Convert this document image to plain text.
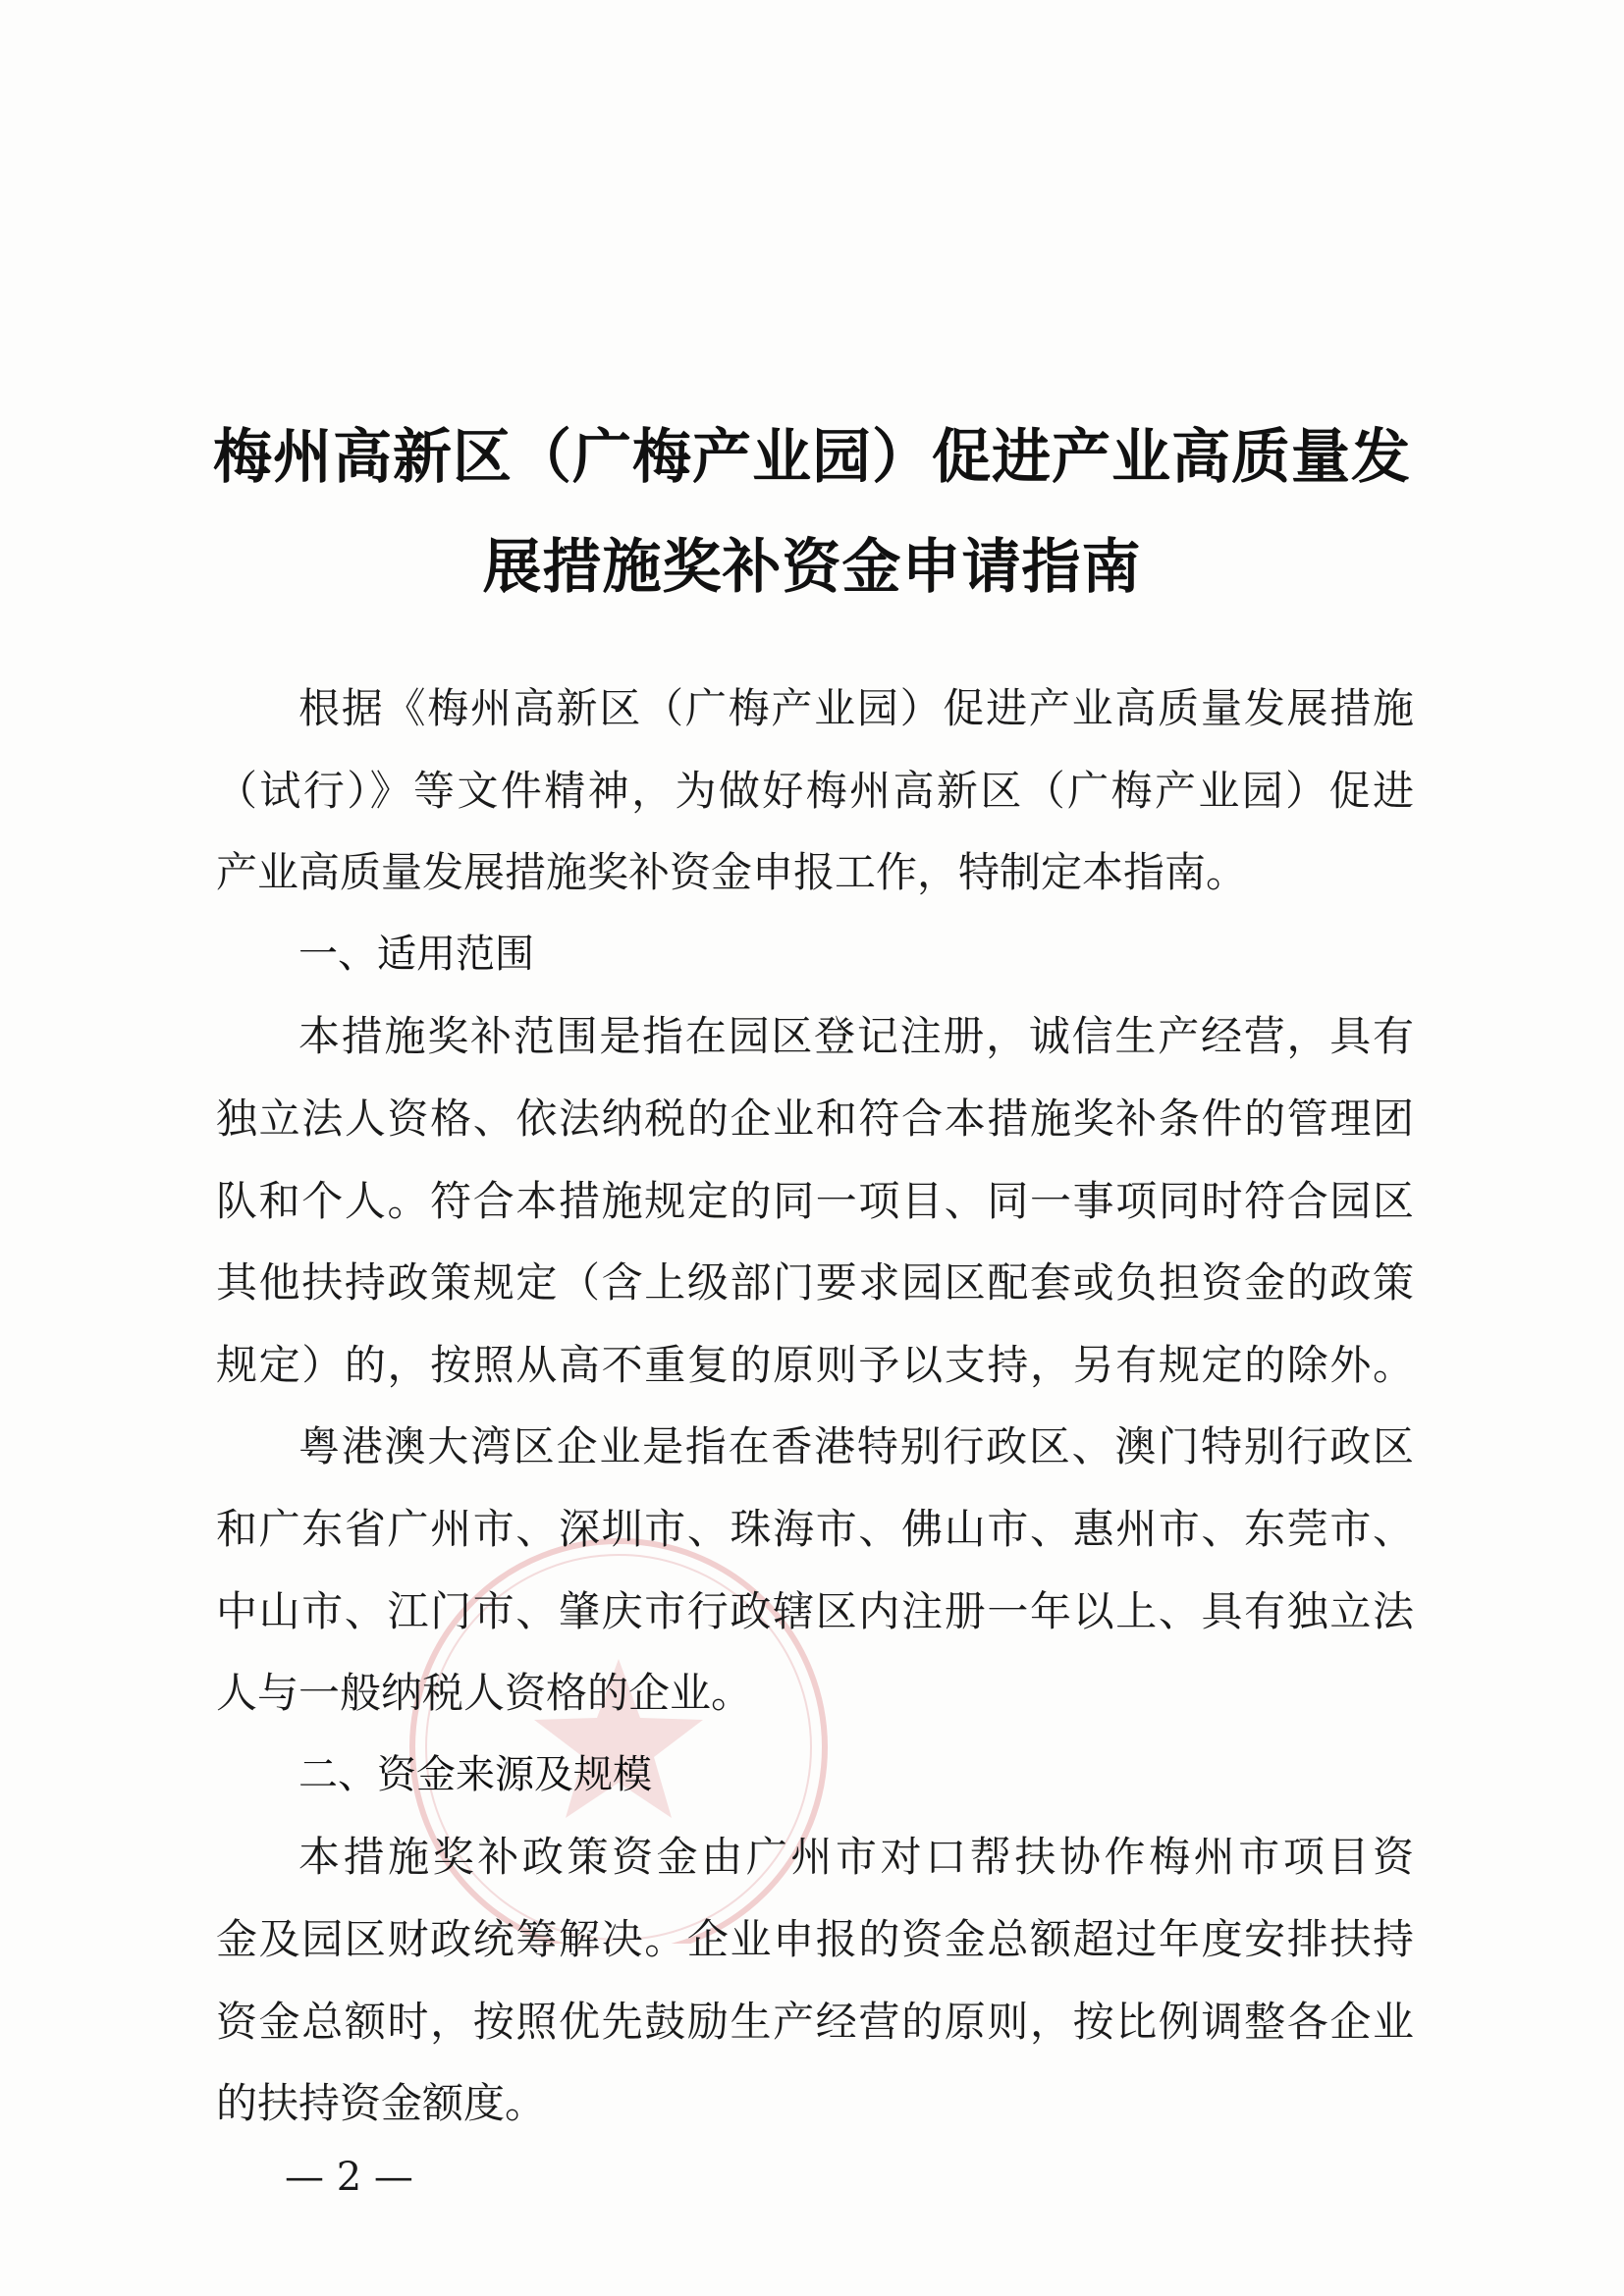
梅州高新区（广梅产业园）促进产业高质量发
展措施奖补资金申请指南
根据《梅州高新区（广梅产业园）促进产业高质量发展措施
（试行）》等文件精神，为做好梅州高新区（广梅产业园）促进
产业高质量发展措施奖补资金申报工作，特制定本指南。
一、适用范围
本措施奖补范围是指在园区登记注册，诚信生产经营，具有
独立法人资格、依法纳税的企业和符合本措施奖补条件的管理团
队和个人。符合本措施规定的同一项目、同一事项同时符合园区
其他扶持政策规定（含上级部门要求园区配套或负担资金的政策
规定）的，按照从高不重复的原则予以支持，另有规定的除外。
粤港澳大湾区企业是指在香港特别行政区、澳门特别行政区
和广东省广州市、深圳市、珠海市、佛山市、惠州市、东莞市、
中山市、江门市、肇庆市行政辖区内注册一年以上、具有独立法
人与一般纳税人资格的企业。
二、资金来源及规模
本措施奖补政策资金由广州市对口帮扶协作梅州市项目资
金及园区财政统筹解决。企业申报的资金总额超过年度安排扶持
资金总额时，按照优先鼓励生产经营的原则，按比例调整各企业
的扶持资金额度。
— 2 —
